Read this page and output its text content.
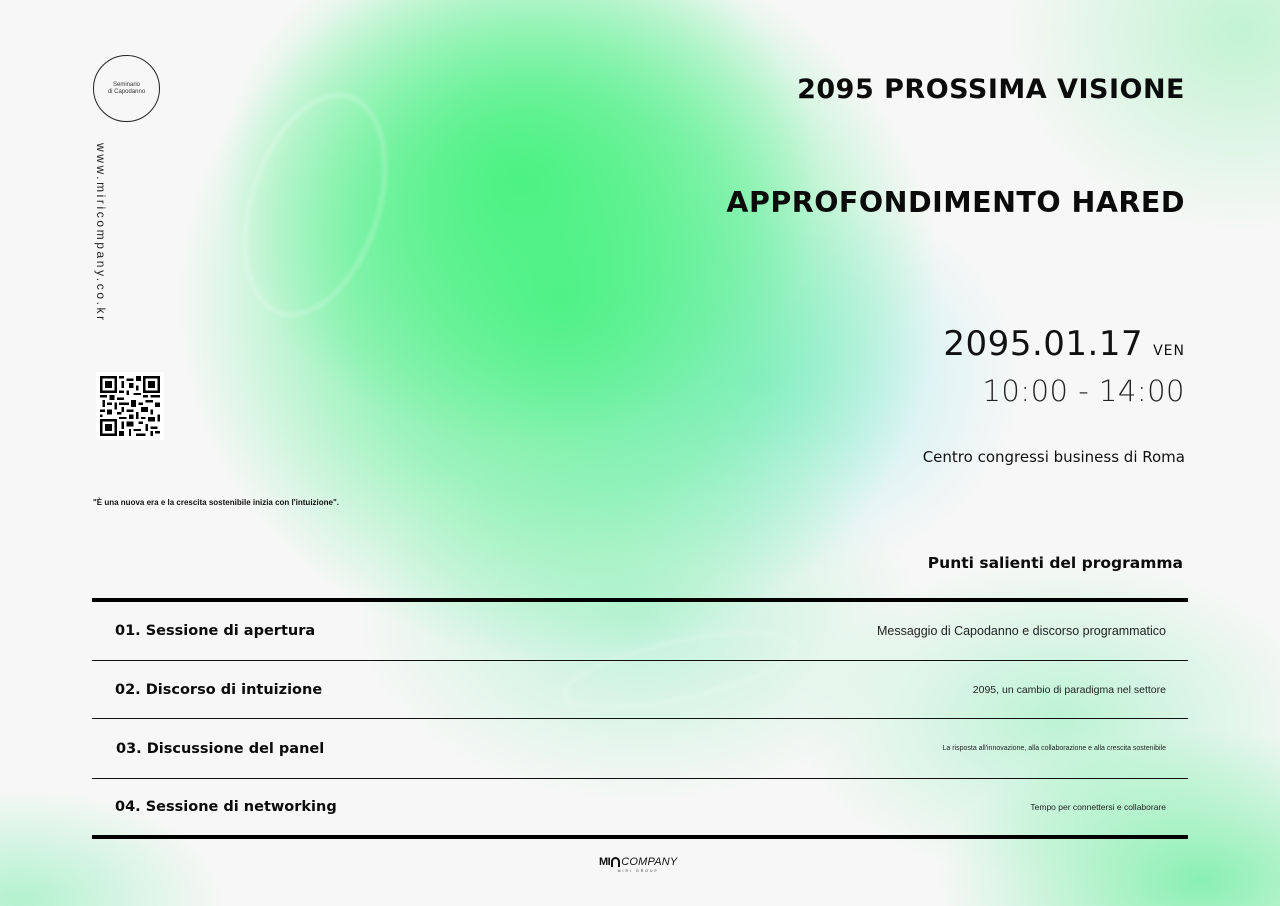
Seminario
di Capodanno
www.miricompany.co.kr
"È una nuova era e la crescita sostenibile inizia con l'intuizione".
2095 PROSSIMA VISIONE
APPROFONDIMENTO HARED
2095.01.17 VEN
10:00 - 14:00
Centro congressi business di Roma
Punti salienti del programma
01. Sessione di apertura	Messaggio di Capodanno e discorso programmatico
02. Discorso di intuizione	2095, un cambio di paradigma nel settore
03. Discussione del panel	La risposta all'innovazione, alla collaborazione e alla crescita sostenibile
04. Sessione di networking	Tempo per connettersi e collaborare
MI COMPANY
MIRI GROUP
